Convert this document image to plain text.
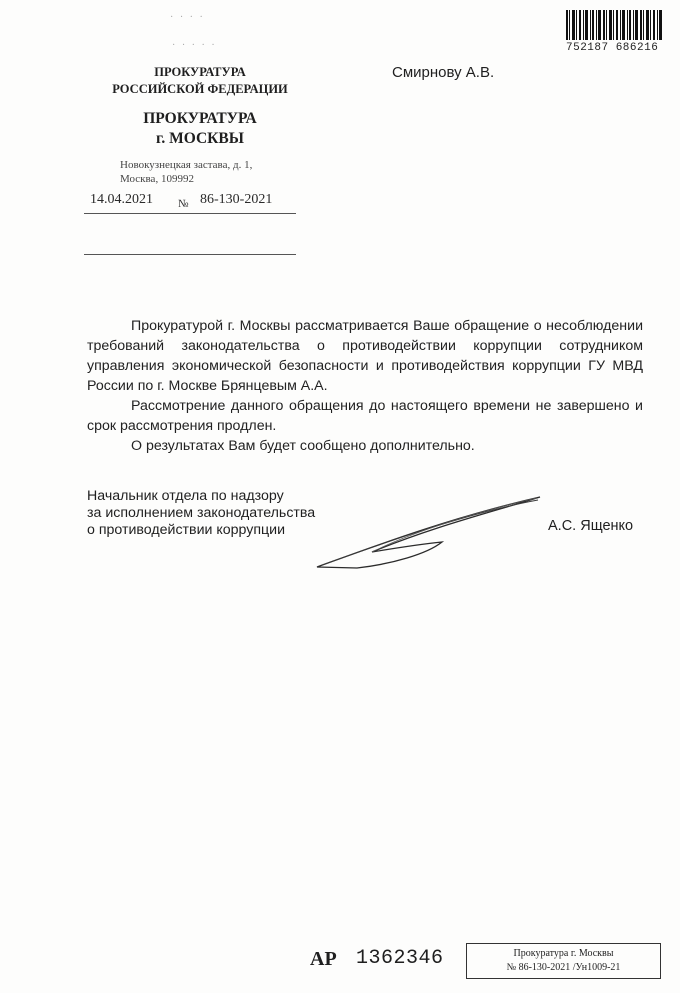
· · · ·
· · · · ·
ПРОКУРАТУРА
РОССИЙСКОЙ ФЕДЕРАЦИИ
ПРОКУРАТУРА
г. МОСКВЫ
Новокузнецкая застава, д. 1,
Москва, 109992
14.04.2021 № 86-130-2021
752187 686216
Смирнову А.В.

Прокуратурой г. Москвы рассматривается Ваше обращение о несоблюдении требований законодательства о противодействии коррупции сотрудником управления экономической безопасности и противодействия коррупции ГУ МВД России по г. Москве Брянцевым А.А.

Рассмотрение данного обращения до настоящего времени не завершено и срок рассмотрения продлен.

О результатах Вам будет сообщено дополнительно.

Начальник отдела по надзору
за исполнением законодательства
о противодействии коррупции	А.С. Ященко
АР 1362346	Прокуратура г. Москвы
№ 86-130-2021 /Ун1009-21
